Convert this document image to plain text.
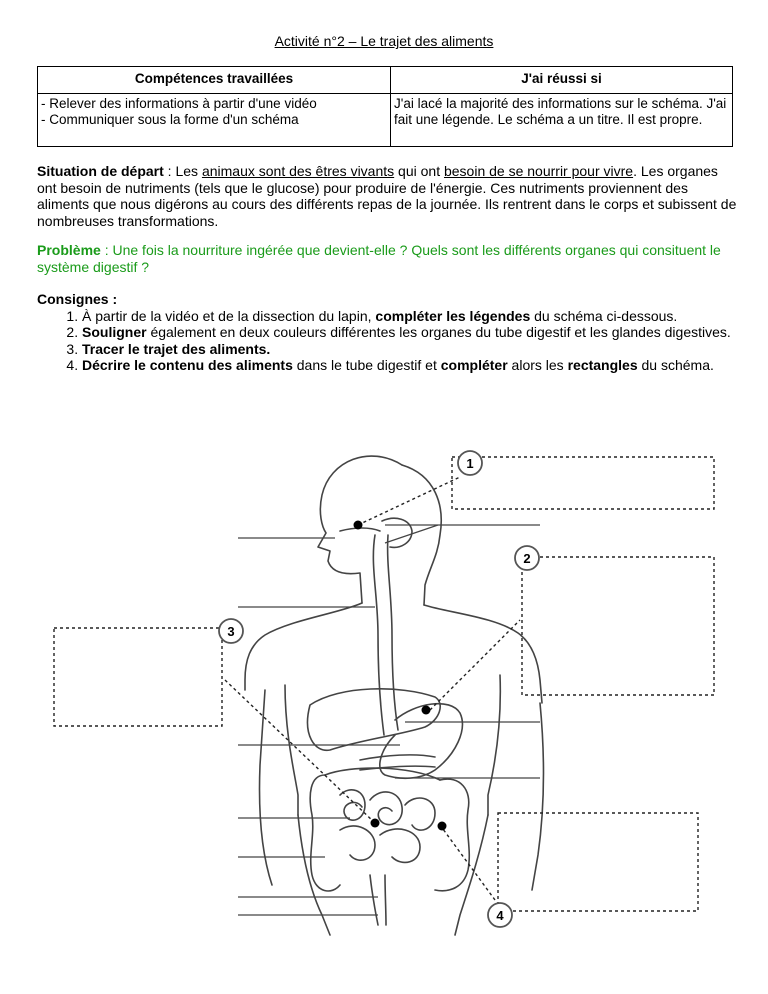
Activité n°2 – Le trajet des aliments
Compétences travaillées	J'ai réussi si

- Relever des informations à partir d'une vidéo
- Communiquer sous la forme d'un schéma	J'ai lacé la majorité des informations sur le schéma. J'ai fait une légende. Le schéma a un titre. Il est propre.

Situation de départ : Les animaux sont des êtres vivants qui ont besoin de se nourrir pour vivre. Les organes ont besoin de nutriments (tels que le glucose) pour produire de l'énergie. Ces nutriments proviennent des aliments que nous digérons au cours des différents repas de la journée. Ils rentrent dans le corps et subissent de nombreuses transformations.

Problème : Une fois la nourriture ingérée que devient-elle ? Quels sont les différents organes qui consituent le système digestif ?

Consignes :
1. À partir de la vidéo et de la dissection du lapin, compléter les légendes du schéma ci-dessous.
2. Souligner également en deux couleurs différentes les organes du tube digestif et les glandes digestives.
3. Tracer le trajet des aliments.
4. Décrire le contenu des aliments dans le tube digestif et compléter alors les rectangles du schéma.
1
2
3
4
